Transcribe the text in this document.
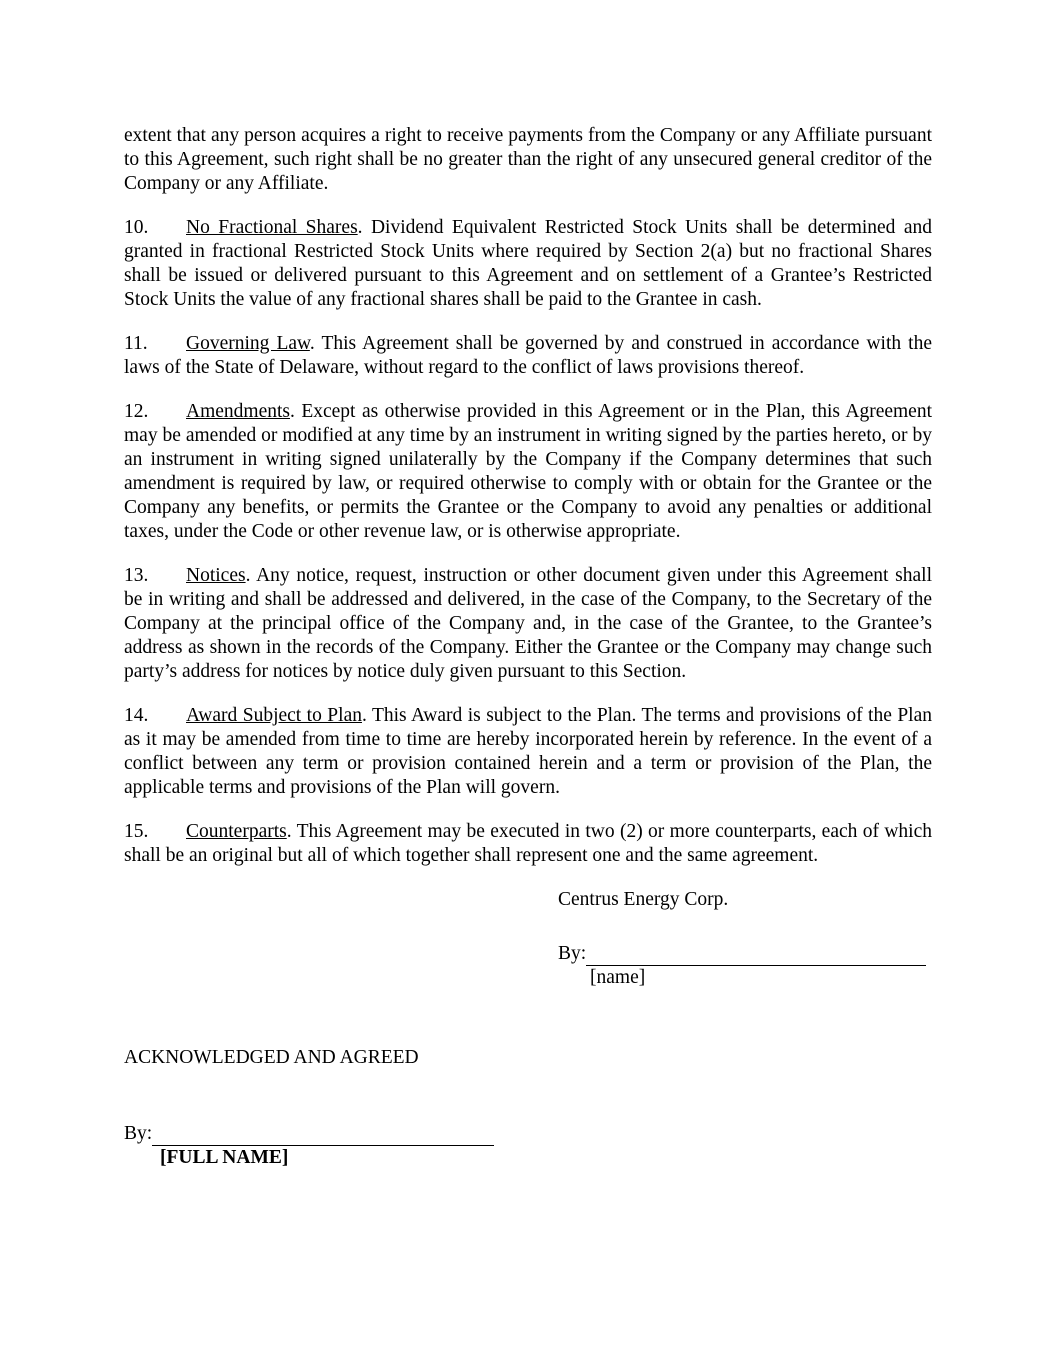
extent that any person acquires a right to receive payments from the Company or any Affiliate pursuant to this Agreement, such right shall be no greater than the right of any unsecured general creditor of the Company or any Affiliate.

10. No Fractional Shares. Dividend Equivalent Restricted Stock Units shall be determined and granted in fractional Restricted Stock Units where required by Section 2(a) but no fractional Shares shall be issued or delivered pursuant to this Agreement and on settlement of a Grantee’s Restricted Stock Units the value of any fractional shares shall be paid to the Grantee in cash.

11. Governing Law. This Agreement shall be governed by and construed in accordance with the laws of the State of Delaware, without regard to the conflict of laws provisions thereof.

12. Amendments. Except as otherwise provided in this Agreement or in the Plan, this Agreement may be amended or modified at any time by an instrument in writing signed by the parties hereto, or by an instrument in writing signed unilaterally by the Company if the Company determines that such amendment is required by law, or required otherwise to comply with or obtain for the Grantee or the Company any benefits, or permits the Grantee or the Company to avoid any penalties or additional taxes, under the Code or other revenue law, or is otherwise appropriate.

13. Notices. Any notice, request, instruction or other document given under this Agreement shall be in writing and shall be addressed and delivered, in the case of the Company, to the Secretary of the Company at the principal office of the Company and, in the case of the Grantee, to the Grantee’s address as shown in the records of the Company. Either the Grantee or the Company may change such party’s address for notices by notice duly given pursuant to this Section.

14. Award Subject to Plan. This Award is subject to the Plan. The terms and provisions of the Plan as it may be amended from time to time are hereby incorporated herein by reference. In the event of a conflict between any term or provision contained herein and a term or provision of the Plan, the applicable terms and provisions of the Plan will govern.

15. Counterparts. This Agreement may be executed in two (2) or more counterparts, each of which shall be an original but all of which together shall represent one and the same agreement.

Centrus Energy Corp.
By:
[name]
ACKNOWLEDGED AND AGREED
By:
[FULL NAME]
